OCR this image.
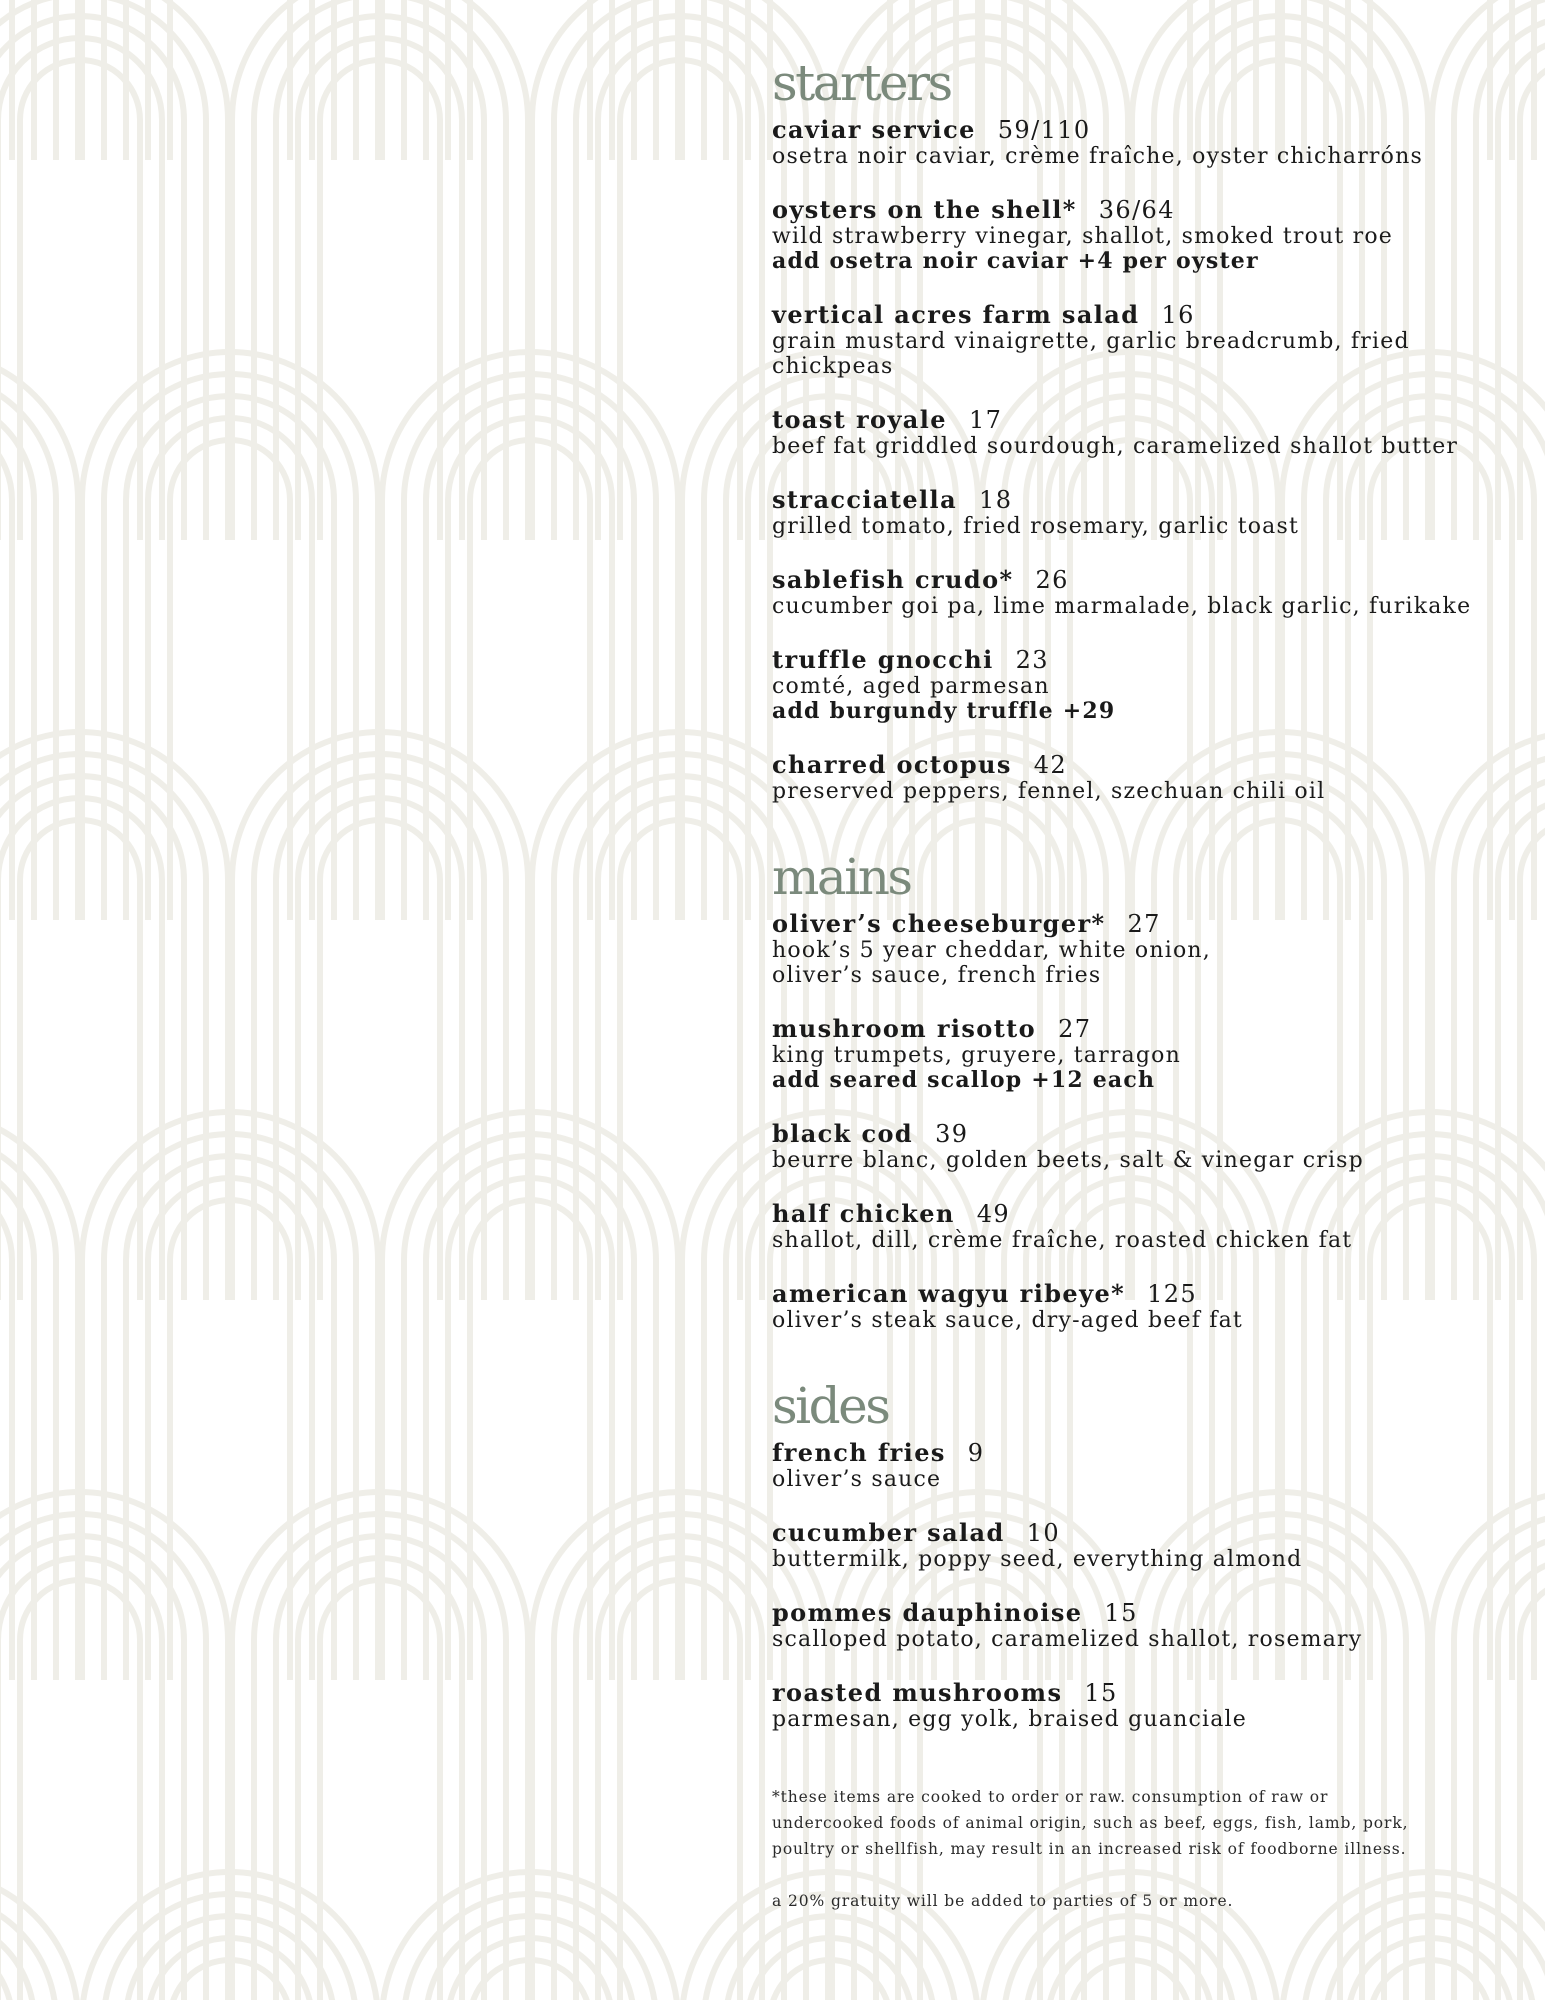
starters
caviar service 59/110
osetra noir caviar, crème fraîche, oyster chicharróns
oysters on the shell* 36/64
wild strawberry vinegar, shallot, smoked trout roe
add osetra noir caviar +4 per oyster
vertical acres farm salad 16
grain mustard vinaigrette, garlic breadcrumb, fried chickpeas
toast royale 17
beef fat griddled sourdough, caramelized shallot butter
stracciatella 18
grilled tomato, fried rosemary, garlic toast
sablefish crudo* 26
cucumber goi pa, lime marmalade, black garlic, furikake
truffle gnocchi 23
comté, aged parmesan
add burgundy truffle +29
charred octopus 42
preserved peppers, fennel, szechuan chili oil
mains
oliver’s cheeseburger* 27
hook’s 5 year cheddar, white onion,
oliver’s sauce, french fries
mushroom risotto 27
king trumpets, gruyere, tarragon
add seared scallop +12 each
black cod 39
beurre blanc, golden beets, salt & vinegar crisp
half chicken 49
shallot, dill, crème fraîche, roasted chicken fat
american wagyu ribeye* 125
oliver’s steak sauce, dry-aged beef fat
sides
french fries 9
oliver’s sauce
cucumber salad 10
buttermilk, poppy seed, everything almond
pommes dauphinoise 15
scalloped potato, caramelized shallot, rosemary
roasted mushrooms 15
parmesan, egg yolk, braised guanciale

*these items are cooked to order or raw. consumption of raw or undercooked foods of animal origin, such as beef, eggs, fish, lamb, pork, poultry or shellfish, may result in an increased risk of foodborne illness.

a 20% gratuity will be added to parties of 5 or more.
